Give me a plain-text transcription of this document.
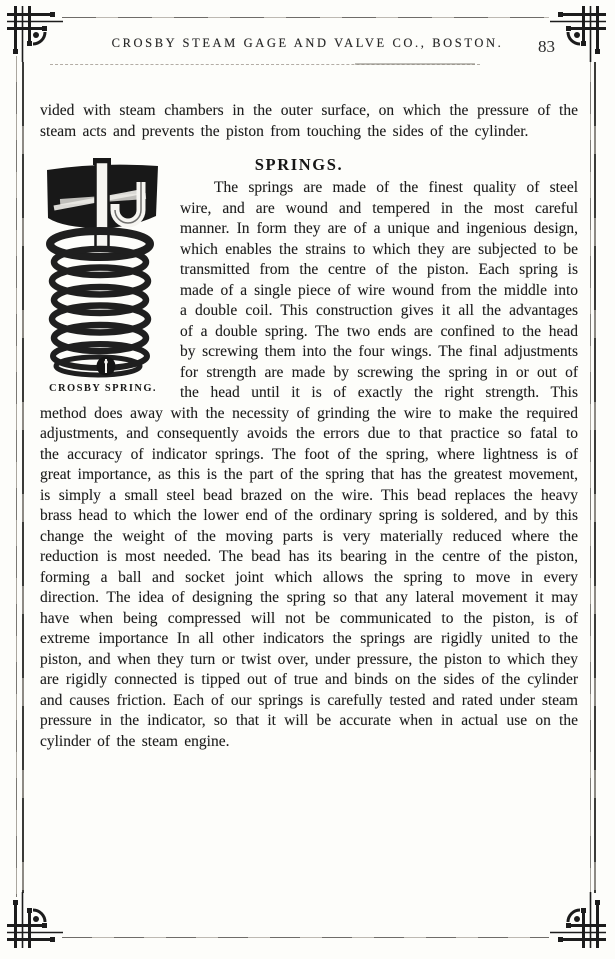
CROSBY STEAM GAGE AND VALVE CO., BOSTON.	83

vided with steam chambers in the outer surface, on which the pressure of the steam acts and prevents the piston from touching the sides of the cylinder.

CROSBY SPRING.
SPRINGS.

The springs are made of the finest quality of steel wire, and are wound and tempered in the most careful manner. In form they are of a unique and ingenious design, which enables the strains to which they are subjected to be transmitted from the centre of the piston. Each spring is made of a single piece of wire wound from the middle into a double coil. This construction gives it all the advantages of a double spring. The two ends are confined to the head by screwing them into the four wings. The final adjustments for strength are made by screwing the spring in or out of the head until it is of exactly the right strength. This method does away with the necessity of grinding the wire to make the required adjustments, and consequently avoids the errors due to that practice so fatal to the accuracy of indicator springs. The foot of the spring, where lightness is of great importance, as this is the part of the spring that has the greatest movement, is simply a small steel bead brazed on the wire. This bead replaces the heavy brass head to which the lower end of the ordinary spring is soldered, and by this change the weight of the moving parts is very materially reduced where the reduction is most needed. The bead has its bearing in the centre of the piston, forming a ball and socket joint which allows the spring to move in every direction. The idea of designing the spring so that any lateral movement it may have when being compressed will not be communicated to the piston, is of extreme importance In all other indicators the springs are rigidly united to the piston, and when they turn or twist over, under pressure, the piston to which they are rigidly connected is tipped out of true and binds on the sides of the cylinder and causes friction. Each of our springs is carefully tested and rated under steam pressure in the indicator, so that it will be accurate when in actual use on the cylinder of the steam engine.
